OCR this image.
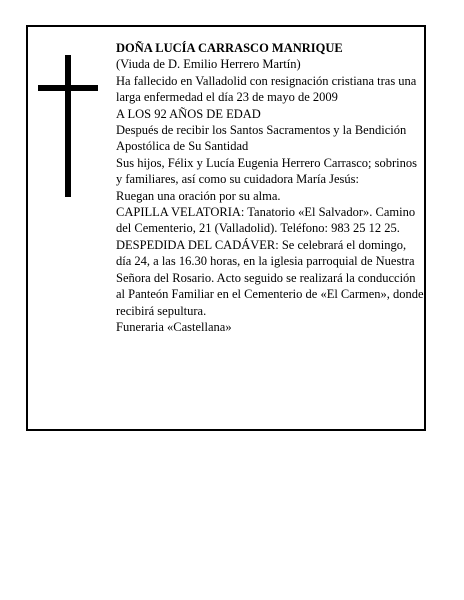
DOÑA LUCÍA CARRASCO MANRIQUE

(Viuda de D. Emilio Herrero Martín)

Ha fallecido en Valladolid con resignación cristiana tras una larga enfermedad el día 23 de mayo de 2009

A LOS 92 AÑOS DE EDAD

Después de recibir los Santos Sacramentos y la Bendición Apostólica de Su Santidad

Sus hijos, Félix y Lucía Eugenia Herrero Carrasco; sobrinos y familiares, así como su cuidadora María Jesús:

Ruegan una oración por su alma.

CAPILLA VELATORIA: Tanatorio «El Salvador». Camino del Cementerio, 21 (Valladolid). Teléfono: 983 25 12 25.

DESPEDIDA DEL CADÁVER: Se celebrará el domingo, día 24, a las 16.30 horas, en la iglesia parroquial de Nuestra Señora del Rosario. Acto seguido se realizará la conducción al Panteón Familiar en el Cementerio de «El Carmen», donde recibirá sepultura.

Funeraria «Castellana»
